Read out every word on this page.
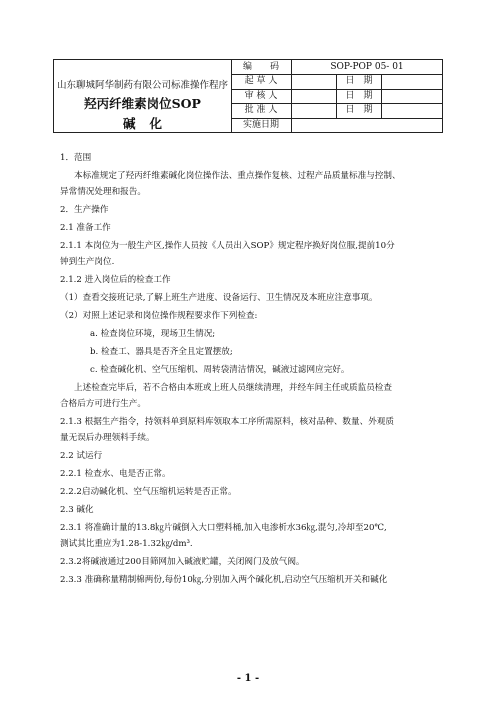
山东聊城阿华制药有限公司标准操作程序
羟丙纤维素岗位SOP
碱化
编　　码	SOP-POP 05- 01
起 草 人	日　期
审 核 人	日　期
批 准 人	日　期
实施日期
1．范围
本标准规定了羟丙纤维素碱化岗位操作法、重点操作复核、过程产品质量标准与控制、
异常情况处理和报告。
2．生产操作
2.1 准备工作
2.1.1 本岗位为一般生产区,操作人员按《人员出入SOP》规定程序换好岗位服,提前10分
钟到生产岗位.
2.1.2 进入岗位后的检查工作
（1）查看交接班记录,了解上班生产进度、设备运行、卫生情况及本班应注意事项。
（2）对照上述记录和岗位操作规程要求作下列检查:
a. 检查岗位环境，现场卫生情况;
b. 检查工、器具是否齐全且定置摆放;
c. 检查碱化机、空气压缩机、周转袋清洁情况，碱液过滤网应完好。
上述检查完毕后，若不合格由本班或上班人员继续清理，并经车间主任或质监员检查
合格后方可进行生产。
2.1.3 根据生产指令，持领料单到原料库领取本工序所需原料，核对品种、数量、外观质
量无误后办理领料手续。
2.2 试运行
2.2.1 检查水、电是否正常。
2.2.2启动碱化机、空气压缩机运转是否正常。
2.3 碱化
2.3.1 将准确计量的13.8㎏片碱倒入大口塑料桶,加入电渗析水36㎏,混匀,冷却至20℃,
测试其比重应为1.28-1.32㎏/dm³.
2.3.2将碱液通过200目筛网加入碱液贮罐，关闭阀门及放气阀。
2.3.3 准确称量精制棉两份,每份10㎏,分别加入两个碱化机,启动空气压缩机开关和碱化
- 1 -
